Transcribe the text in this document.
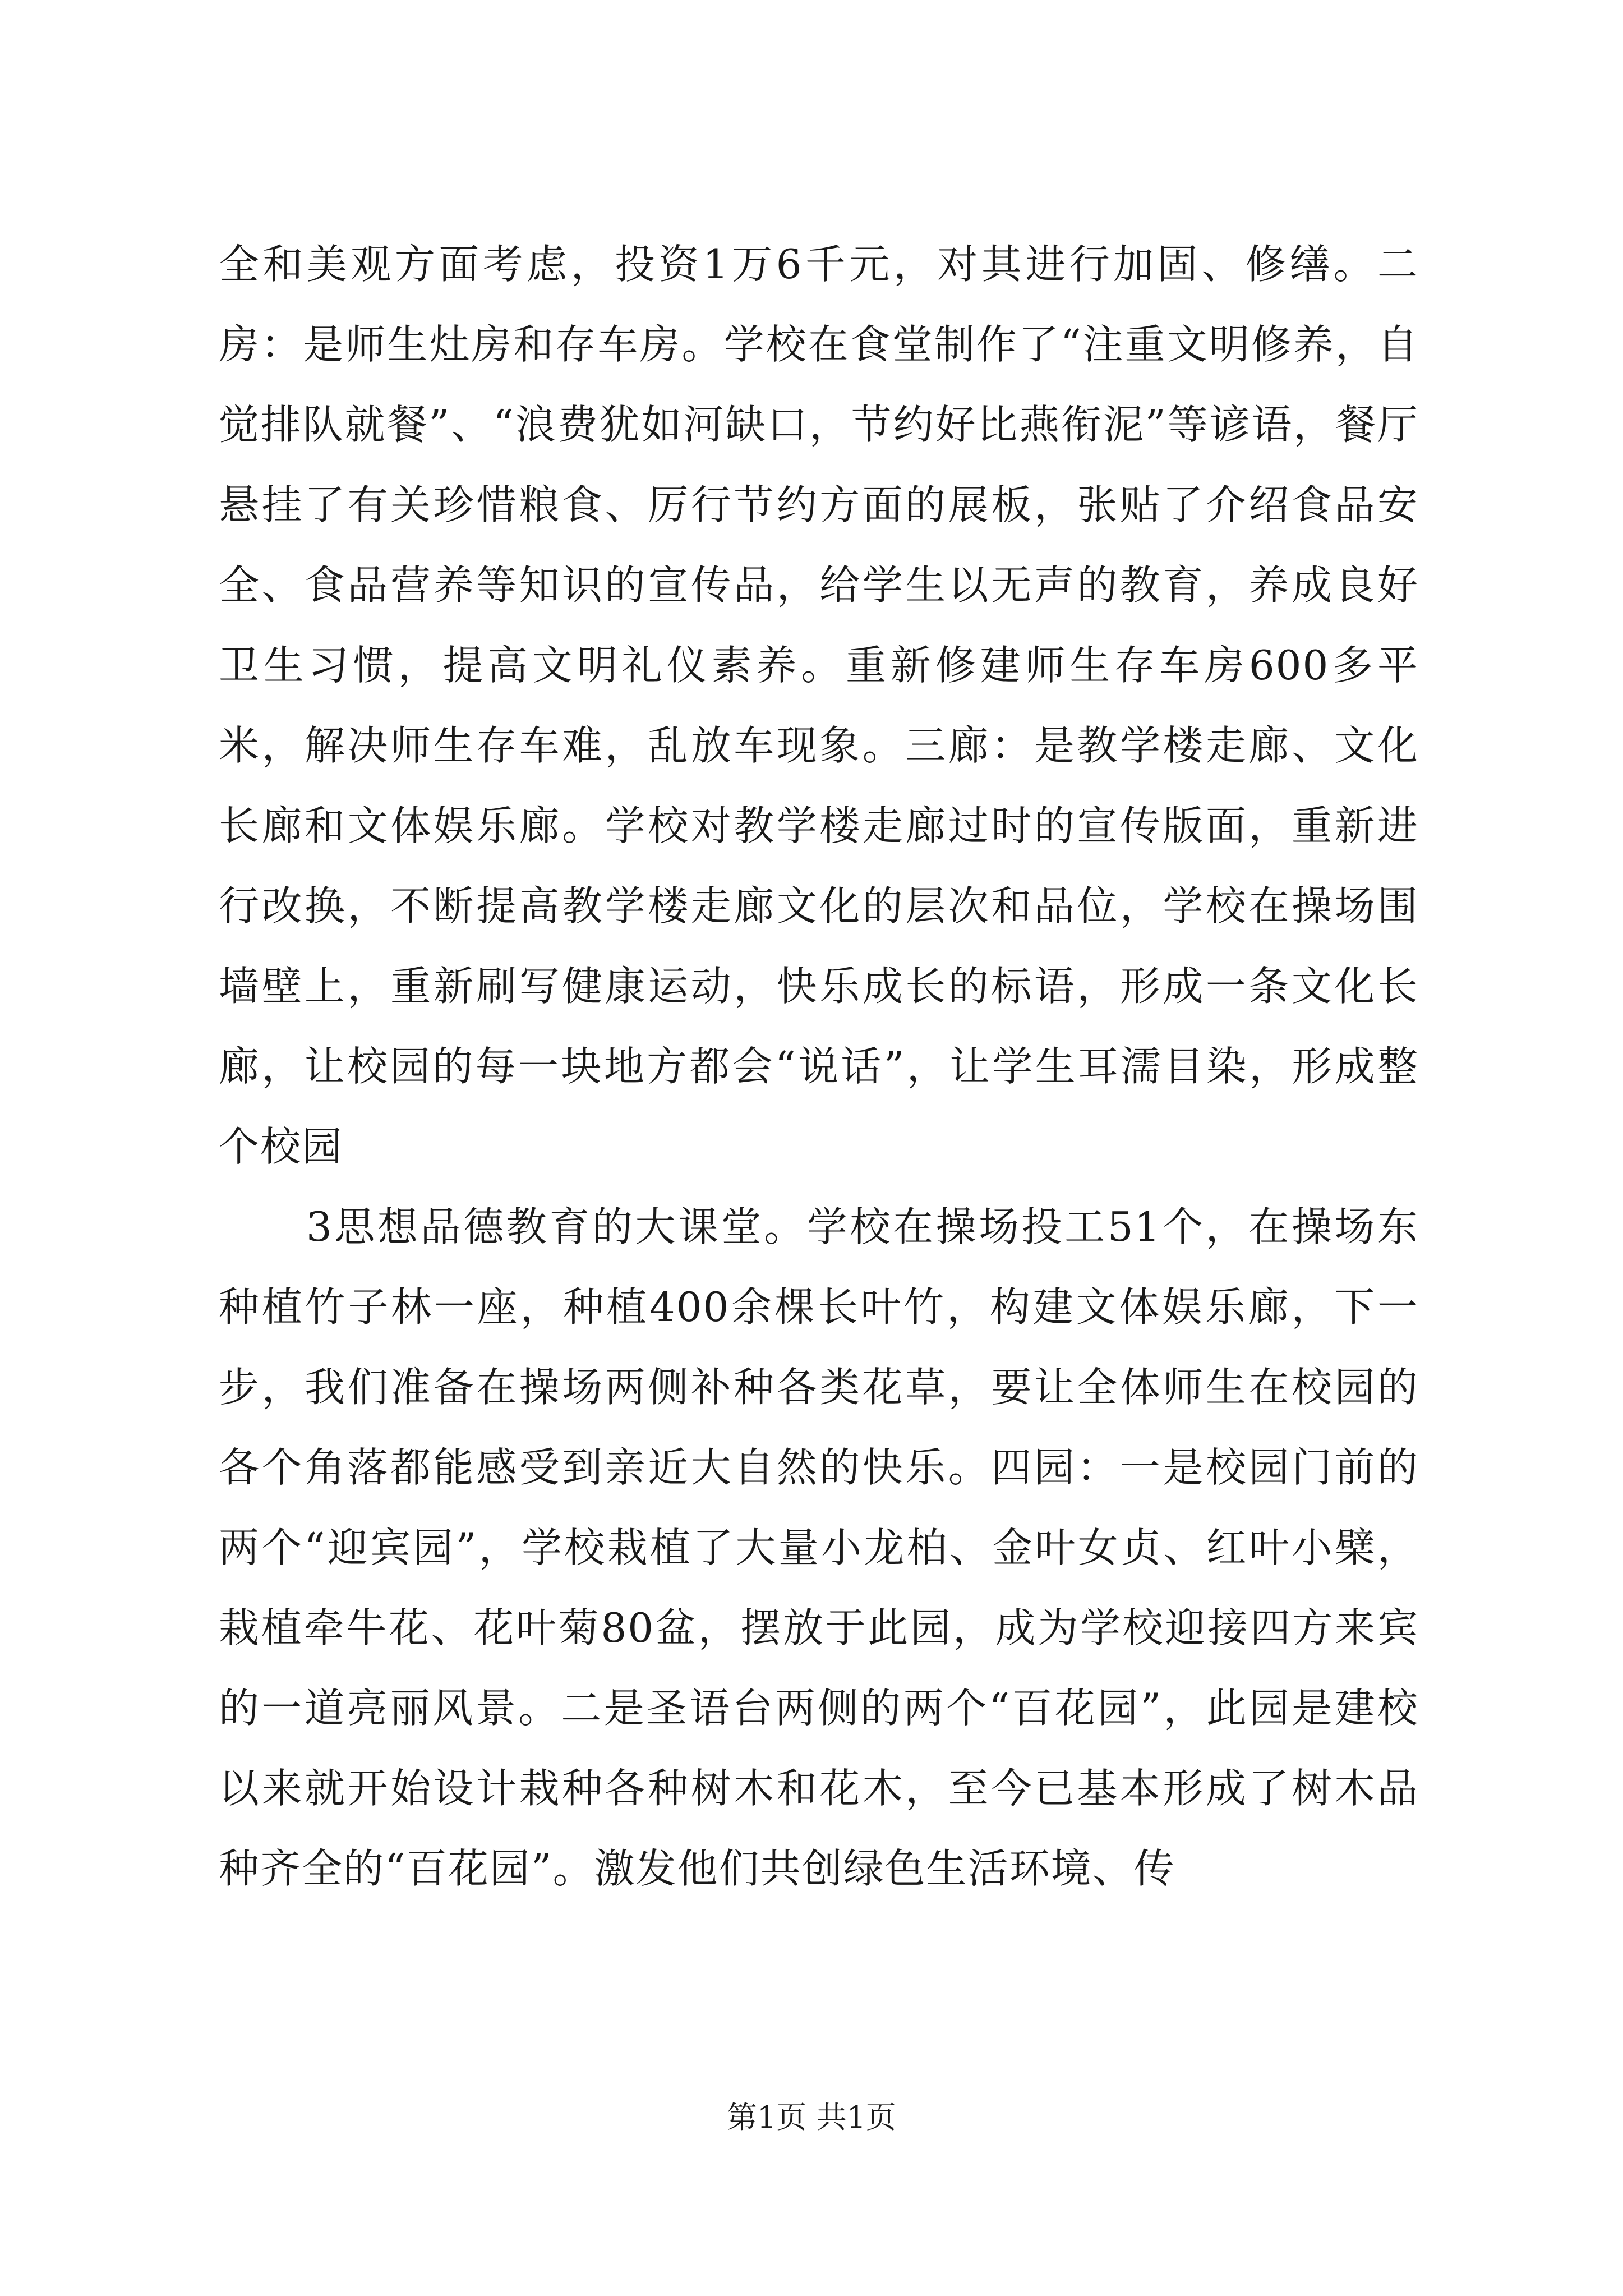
全和美观方面考虑，投资1万6千元，对其进行加固、修缮。二房：是师生灶房和存车房。学校在食堂制作了“注重文明修养，自觉排队就餐”、“浪费犹如河缺口，节约好比燕衔泥”等谚语，餐厅悬挂了有关珍惜粮食、厉行节约方面的展板，张贴了介绍食品安全、食品营养等知识的宣传品，给学生以无声的教育，养成良好卫生习惯，提高文明礼仪素养。重新修建师生存车房600多平米，解决师生存车难，乱放车现象。三廊：是教学楼走廊、文化长廊和文体娱乐廊。学校对教学楼走廊过时的宣传版面，重新进行改换，不断提高教学楼走廊文化的层次和品位，学校在操场围墙壁上，重新刷写健康运动，快乐成长的标语，形成一条文化长廊，让校园的每一块地方都会“说话”，让学生耳濡目染，形成整个校园

3思想品德教育的大课堂。学校在操场投工51个，在操场东种植竹子林一座，种植400余棵长叶竹，构建文体娱乐廊，下一步，我们准备在操场两侧补种各类花草，要让全体师生在校园的各个角落都能感受到亲近大自然的快乐。四园：一是校园门前的两个“迎宾园”，学校栽植了大量小龙柏、金叶女贞、红叶小檗，栽植牵牛花、花叶菊80盆，摆放于此园，成为学校迎接四方来宾的一道亮丽风景。二是圣语台两侧的两个“百花园”，此园是建校以来就开始设计栽种各种树木和花木，至今已基本形成了树木品种齐全的“百花园”。激发他们共创绿色生活环境、传

第1页 共1页
